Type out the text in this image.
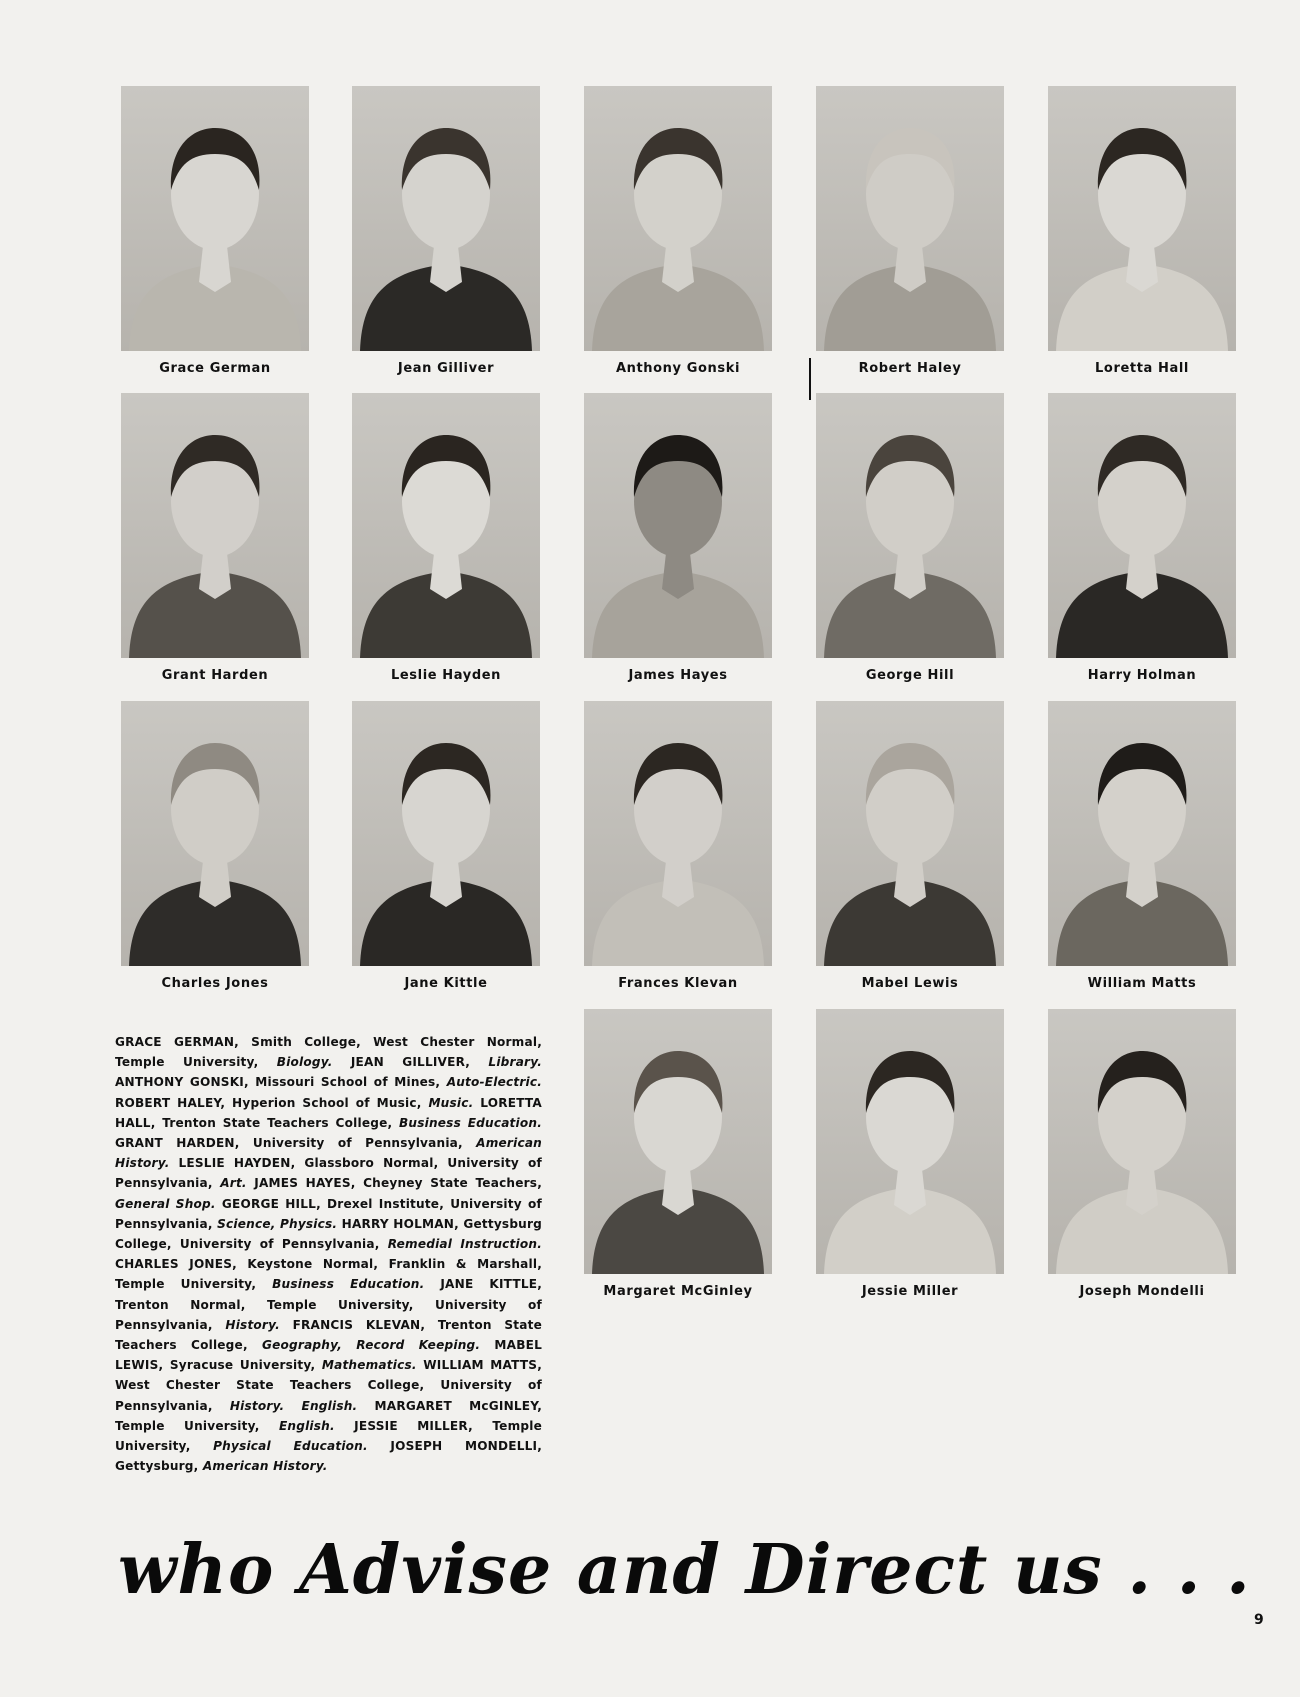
Grace German	Jean Gilliver	Anthony Gonski	Robert Haley	Loretta Hall
Grant Harden	Leslie Hayden	James Hayes	George Hill	Harry Holman
Charles Jones	Jane Kittle	Frances Klevan	Mabel Lewis	William Matts
Margaret McGinley	Jessie Miller	Joseph Mondelli
GRACE GERMAN, Smith College, West Chester Normal, Temple University, Biology. JEAN GILLIVER, Library. ANTHONY GONSKI, Missouri School of Mines, Auto-Electric. ROBERT HALEY, Hyperion School of Music, Music. LORETTA HALL, Trenton State Teachers College, Business Education. GRANT HARDEN, University of Pennsylvania, American History. LESLIE HAYDEN, Glassboro Normal, University of Pennsylvania, Art. JAMES HAYES, Cheyney State Teachers, General Shop. GEORGE HILL, Drexel Institute, University of Pennsylvania, Science, Physics. HARRY HOLMAN, Gettysburg College, University of Pennsylvania, Remedial Instruction. CHARLES JONES, Keystone Normal, Franklin & Marshall, Temple University, Business Education. JANE KITTLE, Trenton Normal, Temple University, University of Pennsylvania, History. FRANCIS KLEVAN, Trenton State Teachers College, Geography, Record Keeping. MABEL LEWIS, Syracuse University, Mathematics. WILLIAM MATTS, West Chester State Teachers College, University of Pennsylvania, History. English. MARGARET McGINLEY, Temple University, English. JESSIE MILLER, Temple University, Physical Education. JOSEPH MONDELLI, Gettysburg, American History.
who Advise and Direct us . . .
9
